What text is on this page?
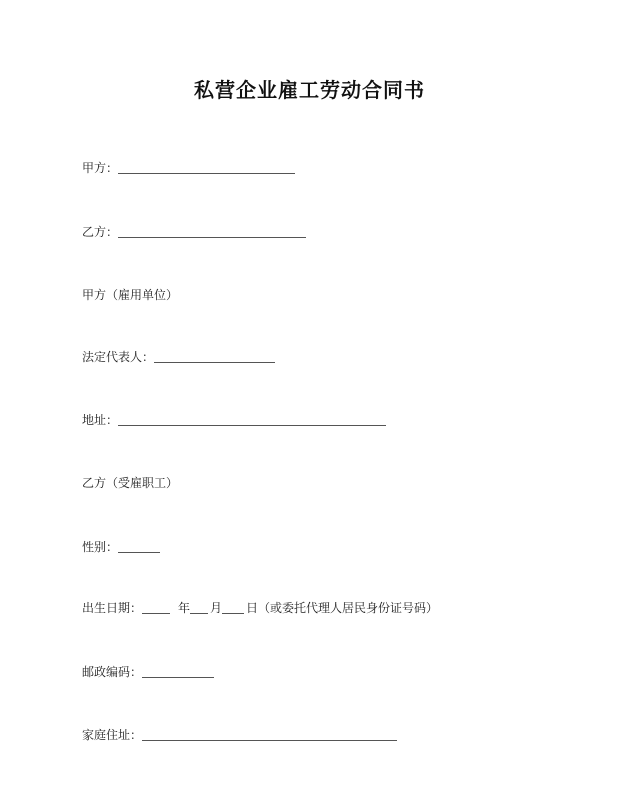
私营企业雇工劳动合同书
甲方：
乙方：
甲方（雇用单位）
法定代表人：
地址：
乙方（受雇职工）
性别：
出生日期：	年 月 日（或委托代理人居民身份证号码）
邮政编码：
家庭住址：
